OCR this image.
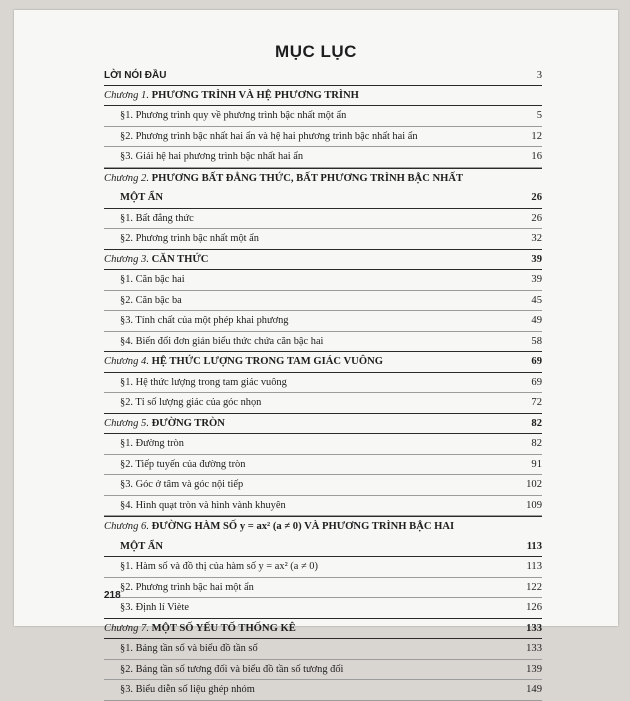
MỤC LỤC
LỜI NÓI ĐẦU	3
Chương 1. PHƯƠNG TRÌNH VÀ HỆ PHƯƠNG TRÌNH
§1. Phương trình quy về phương trình bậc nhất một ẩn	5
§2. Phương trình bậc nhất hai ẩn và hệ hai phương trình bậc nhất hai ẩn	12
§3. Giải hệ hai phương trình bậc nhất hai ẩn	16
Chương 2. PHƯƠNG BẤT ĐẲNG THỨC, BẤT PHƯƠNG TRÌNH BẬC NHẤT
MỘT ẨN	26
§1. Bất đẳng thức	26
§2. Phương trình bậc nhất một ẩn	32
Chương 3. CĂN THỨC	39
§1. Căn bậc hai	39
§2. Căn bậc ba	45
§3. Tính chất của một phép khai phương	49
§4. Biến đổi đơn giản biểu thức chứa căn bậc hai	58
Chương 4. HỆ THỨC LƯỢNG TRONG TAM GIÁC VUÔNG	69
§1. Hệ thức lượng trong tam giác vuông	69
§2. Tỉ số lượng giác của góc nhọn	72
Chương 5. ĐƯỜNG TRÒN	82
§1. Đường tròn	82
§2. Tiếp tuyến của đường tròn	91
§3. Góc ở tâm và góc nội tiếp	102
§4. Hình quạt tròn và hình vành khuyên	109
Chương 6. ĐƯỜNG HÀM SỐ y = ax² (a ≠ 0) VÀ PHƯƠNG TRÌNH BẬC HAI
MỘT ẨN	113
§1. Hàm số và đồ thị của hàm số y = ax² (a ≠ 0)	113
§2. Phương trình bậc hai một ẩn	122
§3. Định lí Viète	126
Chương 7. MỘT SỐ YẾU TỐ THỐNG KÊ	133
§1. Bảng tần số và biểu đồ tần số	133
§2. Bảng tần số tương đối và biểu đồ tần số tương đối	139
§3. Biểu diễn số liệu ghép nhóm	149
218
